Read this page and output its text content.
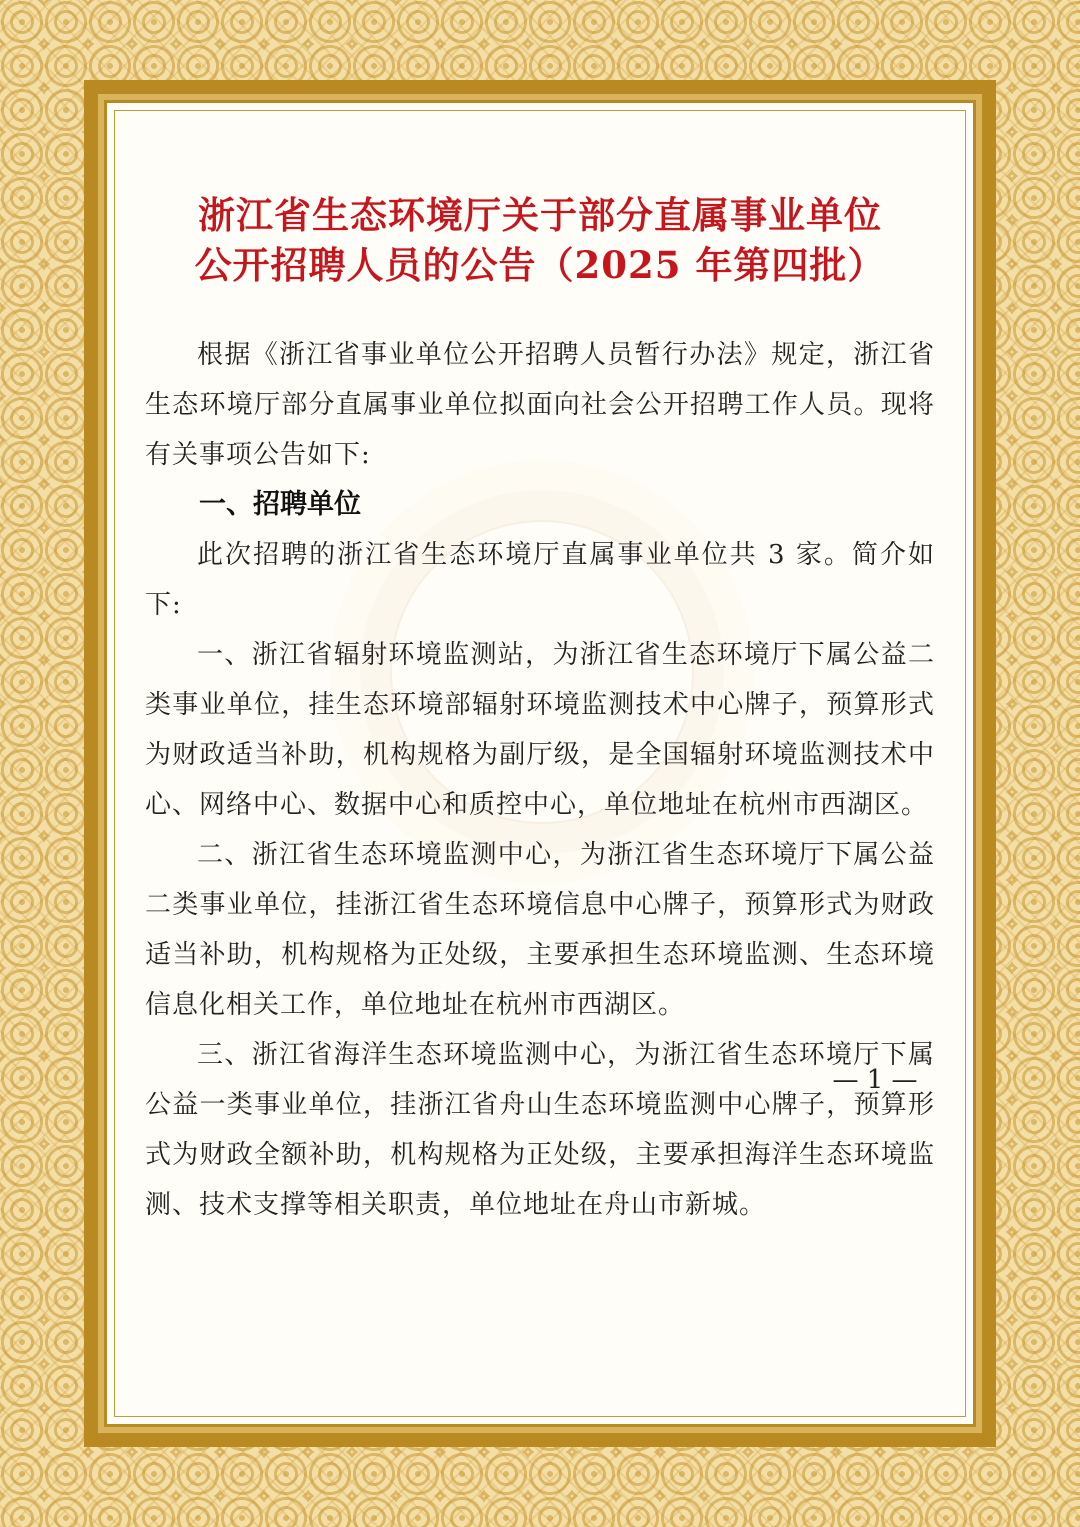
浙江省生态环境厅关于部分直属事业单位

公开招聘人员的公告（2025 年第四批）

根据《浙江省事业单位公开招聘人员暂行办法》规定，浙江省生态环境厅部分直属事业单位拟面向社会公开招聘工作人员。现将有关事项公告如下:

一、招聘单位

此次招聘的浙江省生态环境厅直属事业单位共 3 家。简介如下:

一、浙江省辐射环境监测站，为浙江省生态环境厅下属公益二类事业单位，挂生态环境部辐射环境监测技术中心牌子，预算形式为财政适当补助，机构规格为副厅级，是全国辐射环境监测技术中心、网络中心、数据中心和质控中心，单位地址在杭州市西湖区。

二、浙江省生态环境监测中心，为浙江省生态环境厅下属公益二类事业单位，挂浙江省生态环境信息中心牌子，预算形式为财政适当补助，机构规格为正处级，主要承担生态环境监测、生态环境信息化相关工作，单位地址在杭州市西湖区。

三、浙江省海洋生态环境监测中心，为浙江省生态环境厅下属公益一类事业单位，挂浙江省舟山生态环境监测中心牌子，预算形式为财政全额补助，机构规格为正处级，主要承担海洋生态环境监测、技术支撑等相关职责，单位地址在舟山市新城。

— 1 —
